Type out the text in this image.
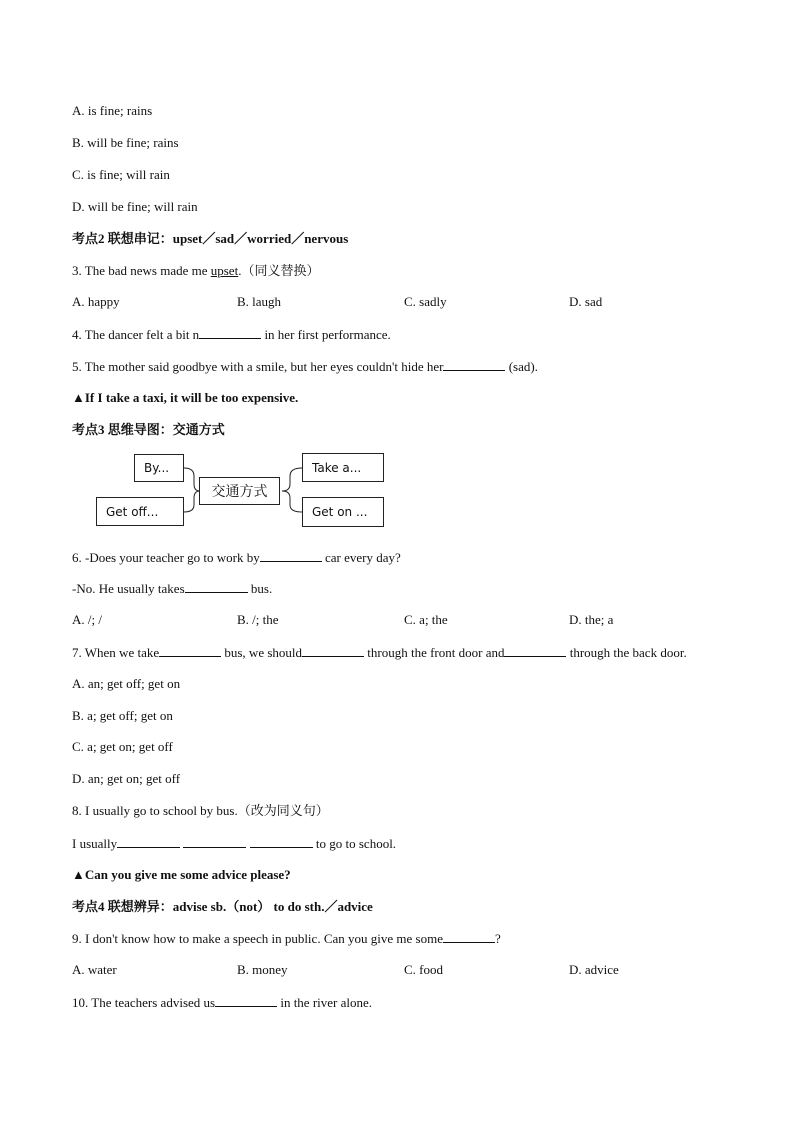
A. is fine; rains
B. will be fine; rains
C. is fine; will rain
D. will be fine; will rain
考点2 联想串记：upset／sad／worried／nervous
3. The bad news made me upset.（同义替换）
A. happy	B. laugh	C. sadly	D. sad
4. The dancer felt a bit n	in her first performance.
5. The mother said goodbye with a smile, but her eyes couldn't hide her	(sad).
▲If I take a taxi, it will be too expensive.
考点3 思维导图：交通方式
By...
Get off...
交通方式
Take a...
Get on ...
6. -Does your teacher go to work by	car every day?
-No. He usually takes	bus.
A. /; /	B. /; the	C. a; the	D. the; a
7. When we take	bus, we should	through the front door and	through the back door.
A. an; get off; get on
B. a; get off; get on
C. a; get on; get off
D. an; get on; get off
8. I usually go to school by bus.（改为同义句）
I usually	to go to school.
▲Can you give me some advice please?
考点4 联想辨异：advise sb.（not） to do sth.／advice
9. I don't know how to make a speech in public. Can you give me some	?
A. water	B. money	C. food	D. advice
10. The teachers advised us	in the river alone.
